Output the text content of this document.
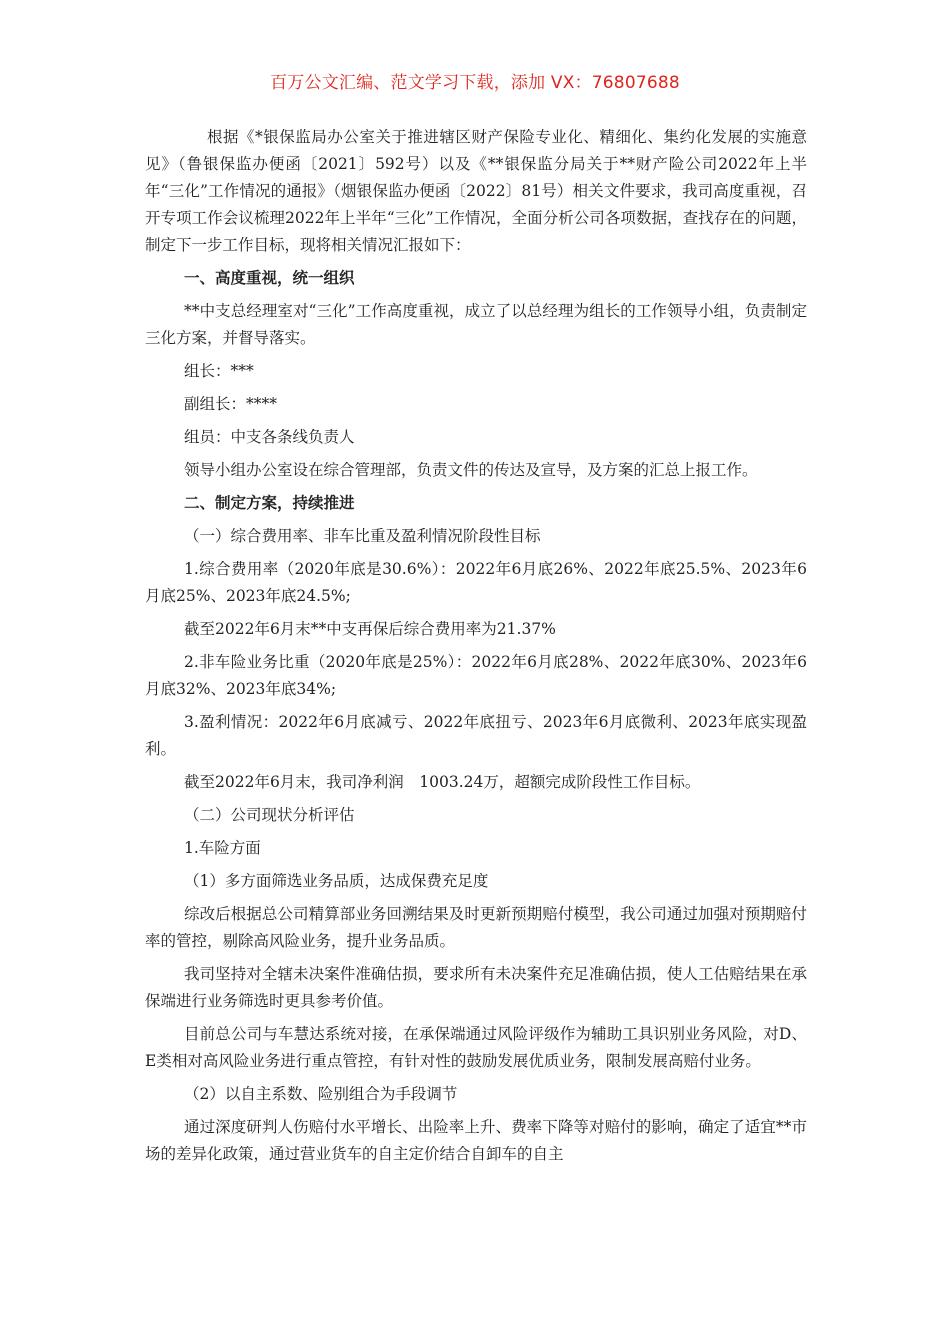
百万公文汇编、范文学习下载，添加 VX：76807688

根据《*银保监局办公室关于推进辖区财产保险专业化、精细化、集约化发展的实施意见》（鲁银保监办便函〔2021〕592号）以及《**银保监分局关于**财产险公司2022年上半年“三化”工作情况的通报》（烟银保监办便函〔2022〕81号）相关文件要求，我司高度重视，召开专项工作会议梳理2022年上半年“三化”工作情况，全面分析公司各项数据，查找存在的问题，制定下一步工作目标，现将相关情况汇报如下：

一、高度重视，统一组织

**中支总经理室对“三化”工作高度重视，成立了以总经理为组长的工作领导小组，负责制定三化方案，并督导落实。

组长：***

副组长：****

组员：中支各条线负责人

领导小组办公室设在综合管理部，负责文件的传达及宣导，及方案的汇总上报工作。

二、制定方案，持续推进

（一）综合费用率、非车比重及盈利情况阶段性目标

1.综合费用率（2020年底是30.6%）：2022年6月底26%、2022年底25.5%、2023年6月底25%、2023年底24.5%;

截至2022年6月末**中支再保后综合费用率为21.37%

2.非车险业务比重（2020年底是25%）：2022年6月底28%、2022年底30%、2023年6月底32%、2023年底34%;

3.盈利情况：2022年6月底减亏、2022年底扭亏、2023年6月底微利、2023年底实现盈利。

截至2022年6月末，我司净利润　1003.24万，超额完成阶段性工作目标。

（二）公司现状分析评估

1.车险方面

（1）多方面筛选业务品质，达成保费充足度

综改后根据总公司精算部业务回溯结果及时更新预期赔付模型，我公司通过加强对预期赔付率的管控，剔除高风险业务，提升业务品质。

我司坚持对全辖未决案件准确估损，要求所有未决案件充足准确估损，使人工估赔结果在承保端进行业务筛选时更具参考价值。

目前总公司与车慧达系统对接，在承保端通过风险评级作为辅助工具识别业务风险，对D、E类相对高风险业务进行重点管控，有针对性的鼓励发展优质业务，限制发展高赔付业务。

（2）以自主系数、险别组合为手段调节

通过深度研判人伤赔付水平增长、出险率上升、费率下降等对赔付的影响，确定了适宜**市场的差异化政策，通过营业货车的自主定价结合自卸车的自主
